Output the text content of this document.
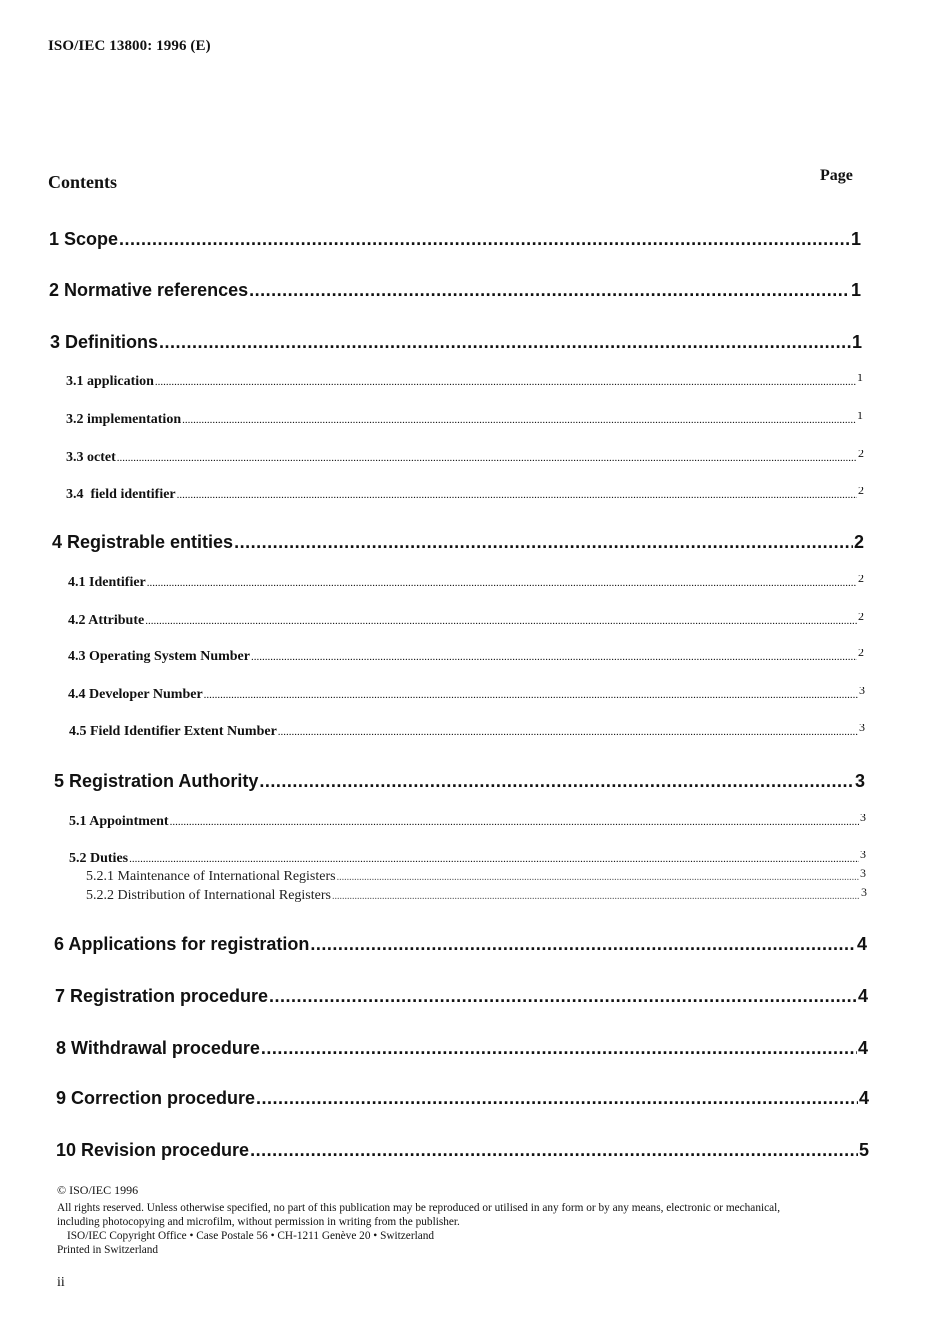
ISO/IEC 13800: 1996 (E)
Contents	Page
1 Scope .....	1
2 Normative references .....	1
3 Definitions .....	1
3.1 application .....	1
3.2 implementation .....	1
3.3 octet .....	2
3.4  field identifier .....	2
4 Registrable entities .....	2
4.1 Identifier .....	2
4.2 Attribute .....	2
4.3 Operating System Number .....	2
4.4 Developer Number .....	3
4.5 Field Identifier Extent Number .....	3
5 Registration Authority .....	3
5.1 Appointment .....	3
5.2 Duties .....	3
5.2.1 Maintenance of International Registers .....	3
5.2.2 Distribution of International Registers .....	3
6 Applications for registration .....	4
7 Registration procedure .....	4
8 Withdrawal procedure .....	4
9 Correction procedure .....	4
10 Revision procedure .....	5
© ISO/IEC 1996
All rights reserved. Unless otherwise specified, no part of this publication may be reproduced or utilised in any form or by any means, electronic or mechanical,
including photocopying and microfilm, without permission in writing from the publisher.
ISO/IEC Copyright Office • Case Postale 56 • CH-1211 Genève 20 • Switzerland
Printed in Switzerland
ii
